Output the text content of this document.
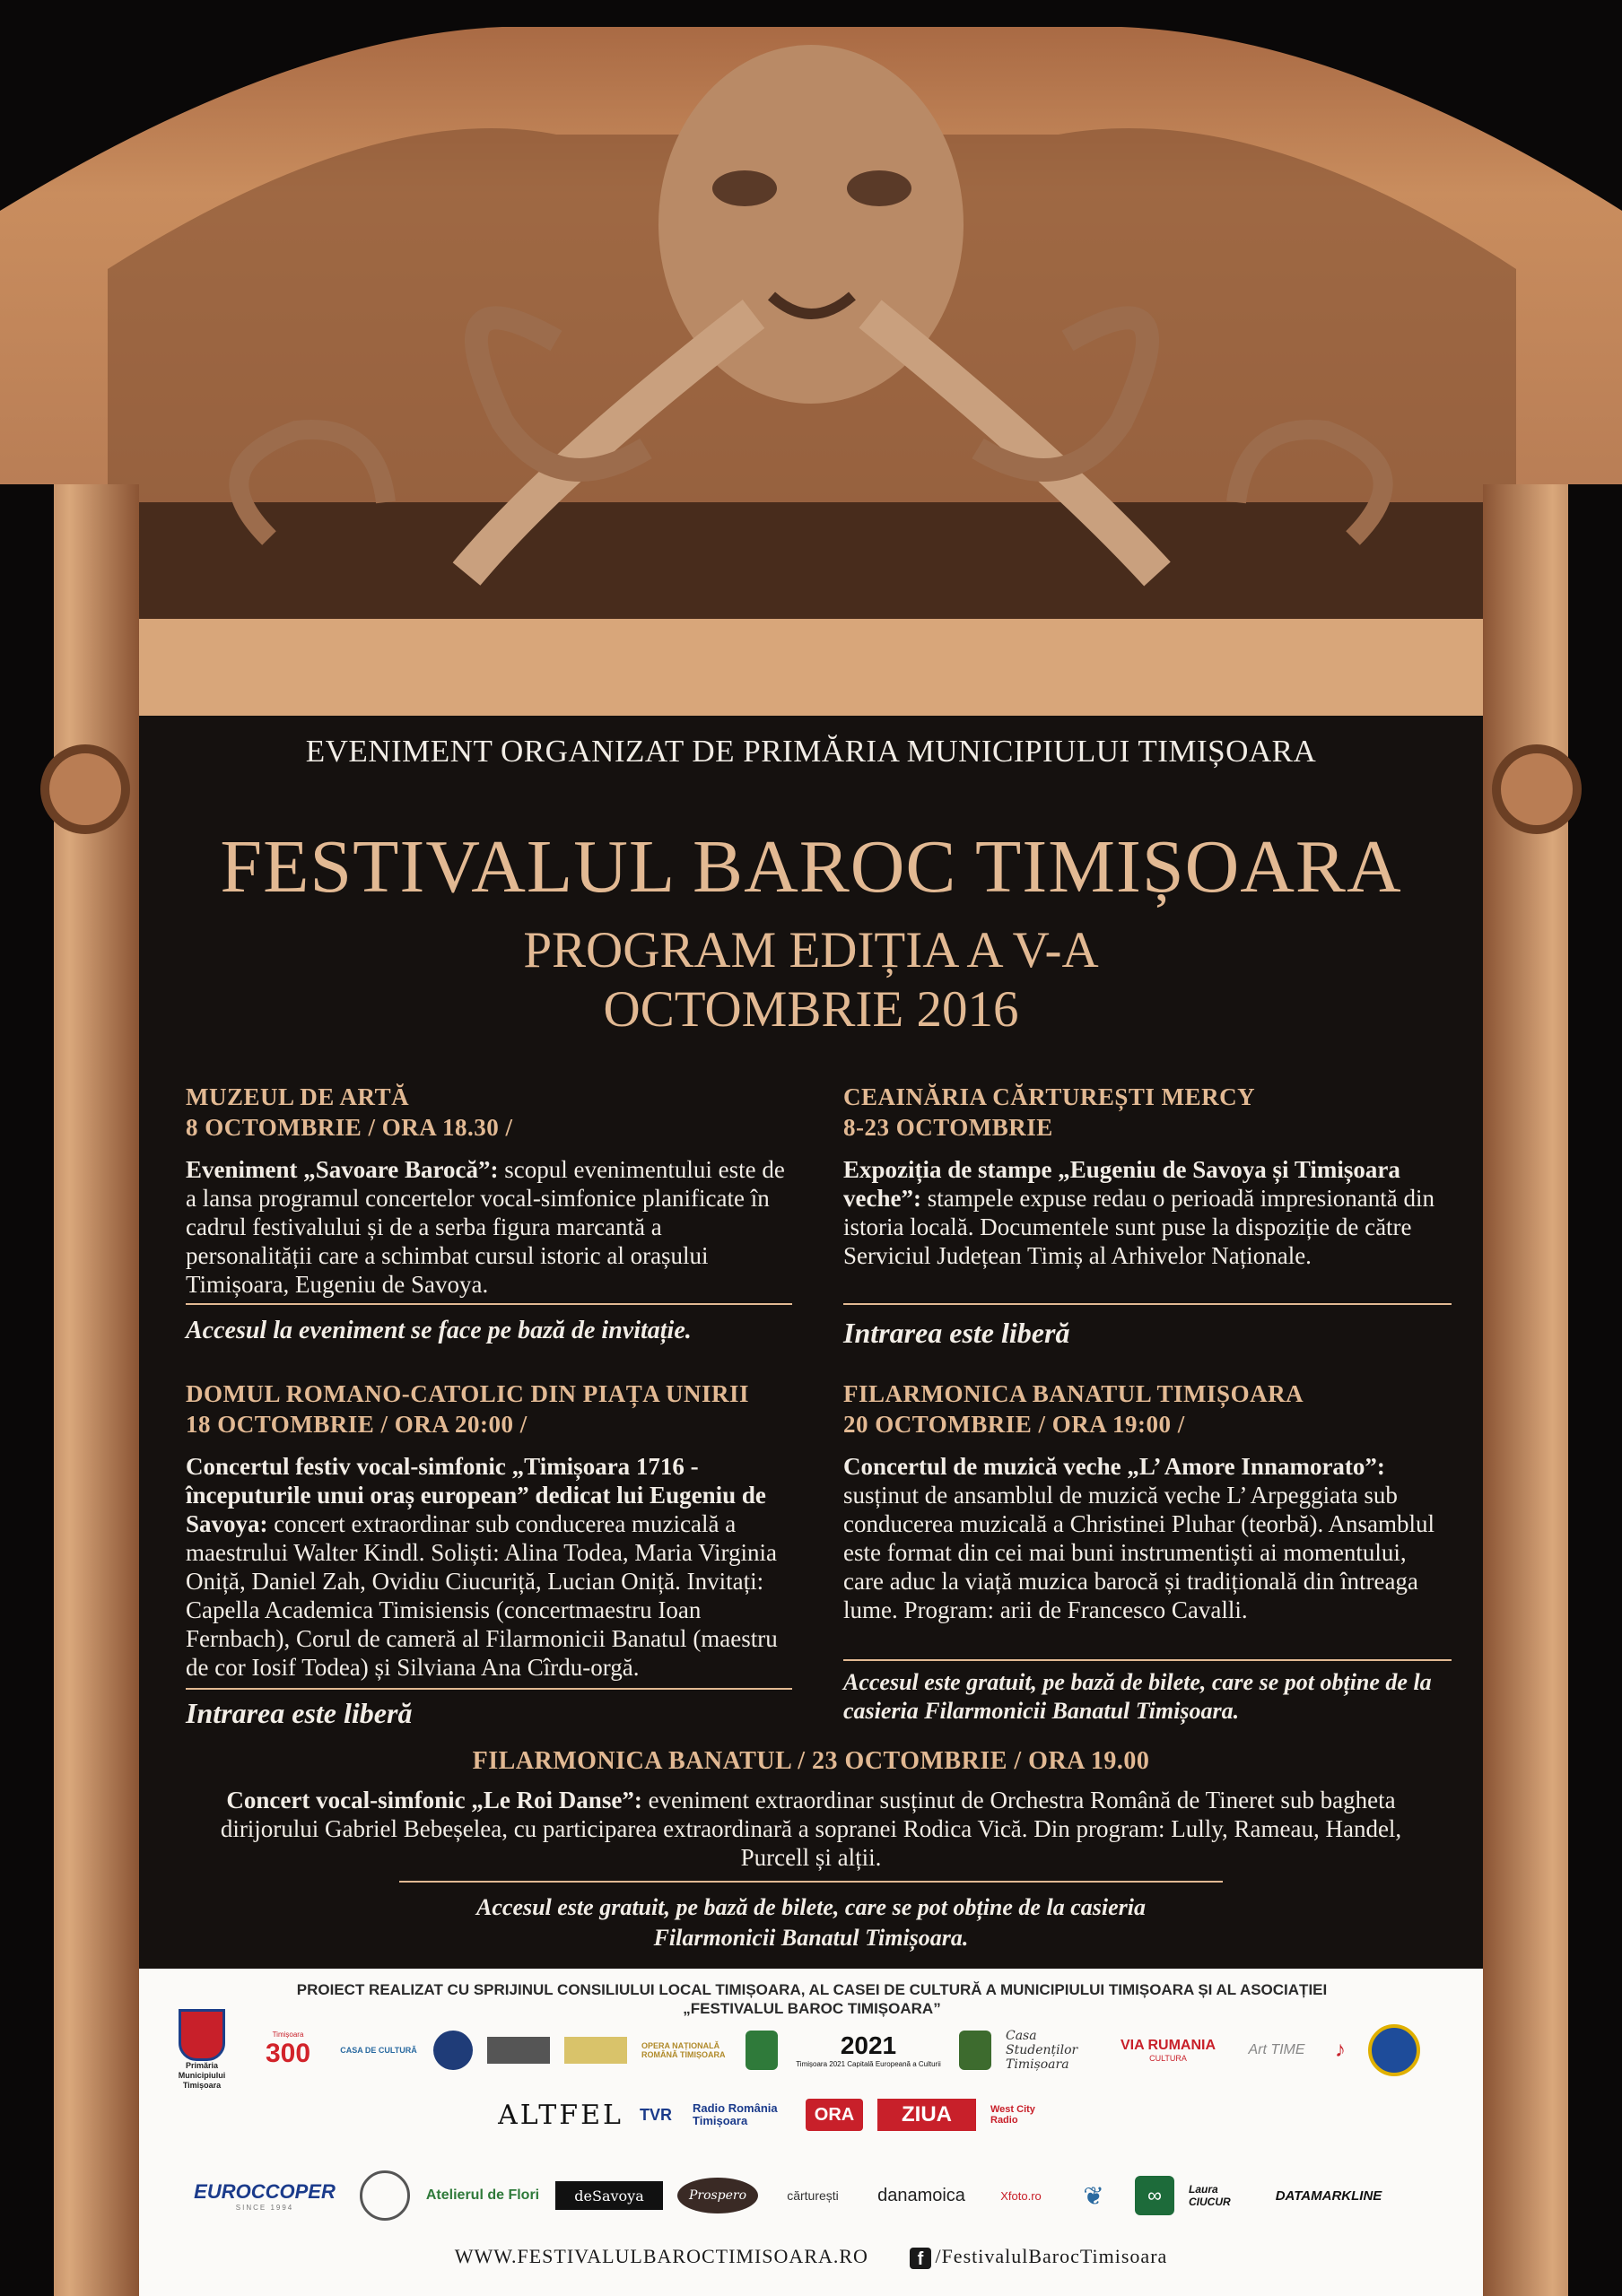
EVENIMENT ORGANIZAT DE PRIMĂRIA MUNICIPIULUI TIMIȘOARA
FESTIVALUL BAROC TIMIȘOARA
PROGRAM EDIȚIA A V-A
OCTOMBRIE 2016
MUZEUL DE ARTĂ
8 OCTOMBRIE / ORA 18.30 /

Eveniment „Savoare Barocă”: scopul evenimentului este de a lansa programul concertelor vocal-simfonice planificate în cadrul festivalului și de a serba figura marcantă a personalității care a schimbat cursul istoric al orașului Timișoara, Eugeniu de Savoya.

Accesul la eveniment se face pe bază de invitație.
CEAINĂRIA CĂRTUREȘTI MERCY
8-23 OCTOMBRIE

Expoziția de stampe „Eugeniu de Savoya și Timișoara veche”: stampele expuse redau o perioadă impresionantă din istoria locală. Documentele sunt puse la dispoziție de către Serviciul Județean Timiș al Arhivelor Naționale.

Intrarea este liberă
DOMUL ROMANO-CATOLIC DIN PIAȚA UNIRII
18 OCTOMBRIE / ORA 20:00 /

Concertul festiv vocal-simfonic „Timișoara 1716 - începuturile unui oraș european” dedicat lui Eugeniu de Savoya: concert extraordinar sub conducerea muzicală a maestrului Walter Kindl. Soliști: Alina Todea, Maria Virginia Oniță, Daniel Zah, Ovidiu Ciucuriță, Lucian Oniță. Invitați: Capella Academica Timisiensis (concertmaestru Ioan Fernbach), Corul de cameră al Filarmonicii Banatul (maestru de cor Iosif Todea) și Silviana Ana Cîrdu-orgă.

Intrarea este liberă
FILARMONICA BANATUL TIMIȘOARA
20 OCTOMBRIE / ORA 19:00 /

Concertul de muzică veche „L’ Amore Innamorato”: susținut de ansamblul de muzică veche L’ Arpeggiata sub conducerea muzicală a Christinei Pluhar (teorbă). Ansamblul este format din cei mai buni instrumentiști ai momentului, care aduc la viață muzica barocă și tradițională din întreaga lume. Program: arii de Francesco Cavalli.

Accesul este gratuit, pe bază de bilete, care se pot obține de la casieria Filarmonicii Banatul Timișoara.
FILARMONICA BANATUL / 23 OCTOMBRIE / ORA 19.00
Concert vocal-simfonic „Le Roi Danse”: eveniment extraordinar susținut de Orchestra Română de Tineret sub bagheta dirijorului Gabriel Bebeșelea, cu participarea extraordinară a sopranei Rodica Vică. Din program: Lully, Rameau, Handel, Purcell și alții.
Accesul este gratuit, pe bază de bilete, care se pot obține de la casieria
Filarmonicii Banatul Timișoara.
PROIECT REALIZAT CU SPRIJINUL CONSILIULUI LOCAL TIMIȘOARA, AL CASEI DE CULTURĂ A MUNICIPIULUI TIMIȘOARA ȘI AL ASOCIAȚIEI
„FESTIVALUL BAROC TIMIȘOARA”
Primăria Municipiului Timișoara
Timișoara
300	CASA DE CULTURĂ	OPERA NAȚIONALĂ ROMÂNĂ TIMIȘOARA	2021
Timișoara 2021 Capitală Europeană a Culturii
Casa Studenților Timișoara
VIA RUMANIA
CULTURA
Art TIME	♪
ALTFEL TVR Radio România Timișoara	ORA ZIUA	West City Radio
EUROCCOPER
SINCE 1994
Atelierul de Flori deSavoya	Prospero	cărturești danamoica	Xfoto.ro	❦	∞	Laura CIUCUR	DATAMARKLINE
WWW.FESTIVALULBAROCTIMISOARA.RO	f /FestivalulBarocTimisoara
